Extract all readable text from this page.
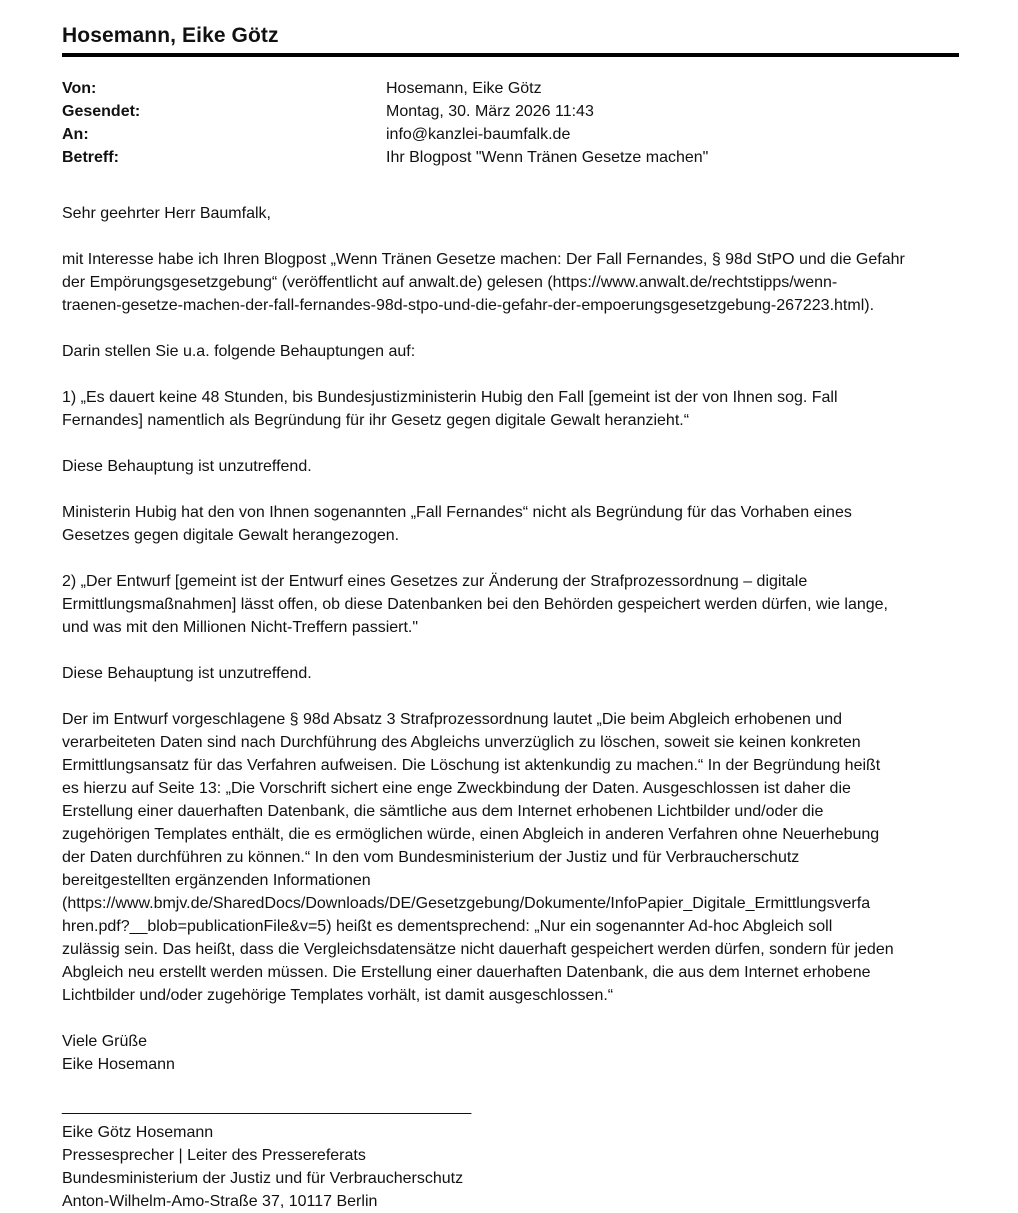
Hosemann, Eike Götz
Von:	Hosemann, Eike Götz
Gesendet:	Montag, 30. März 2026 11:43
An:	info@kanzlei-baumfalk.de
Betreff:	Ihr Blogpost "Wenn Tränen Gesetze machen"

Sehr geehrter Herr Baumfalk,

mit Interesse habe ich Ihren Blogpost „Wenn Tränen Gesetze machen: Der Fall Fernandes, § 98d StPO und die Gefahr
der Empörungsgesetzgebung“ (veröffentlicht auf anwalt.de) gelesen (https://www.anwalt.de/rechtstipps/wenn-
traenen-gesetze-machen-der-fall-fernandes-98d-stpo-und-die-gefahr-der-empoerungsgesetzgebung-267223.html).

Darin stellen Sie u.a. folgende Behauptungen auf:

1) „Es dauert keine 48 Stunden, bis Bundesjustizministerin Hubig den Fall [gemeint ist der von Ihnen sog. Fall
Fernandes] namentlich als Begründung für ihr Gesetz gegen digitale Gewalt heranzieht.“

Diese Behauptung ist unzutreffend.

Ministerin Hubig hat den von Ihnen sogenannten „Fall Fernandes“ nicht als Begründung für das Vorhaben eines
Gesetzes gegen digitale Gewalt herangezogen.

2) „Der Entwurf [gemeint ist der Entwurf eines Gesetzes zur Änderung der Strafprozessordnung – digitale
Ermittlungsmaßnahmen] lässt offen, ob diese Datenbanken bei den Behörden gespeichert werden dürfen, wie lange,
und was mit den Millionen Nicht-Treffern passiert."

Diese Behauptung ist unzutreffend.

Der im Entwurf vorgeschlagene § 98d Absatz 3 Strafprozessordnung lautet „Die beim Abgleich erhobenen und
verarbeiteten Daten sind nach Durchführung des Abgleichs unverzüglich zu löschen, soweit sie keinen konkreten
Ermittlungsansatz für das Verfahren aufweisen. Die Löschung ist aktenkundig zu machen.“ In der Begründung heißt
es hierzu auf Seite 13: „Die Vorschrift sichert eine enge Zweckbindung der Daten. Ausgeschlossen ist daher die
Erstellung einer dauerhaften Datenbank, die sämtliche aus dem Internet erhobenen Lichtbilder und/oder die
zugehörigen Templates enthält, die es ermöglichen würde, einen Abgleich in anderen Verfahren ohne Neuerhebung
der Daten durchführen zu können.“ In den vom Bundesministerium der Justiz und für Verbraucherschutz
bereitgestellten ergänzenden Informationen
(https://www.bmjv.de/SharedDocs/Downloads/DE/Gesetzgebung/Dokumente/InfoPapier_Digitale_Ermittlungsverfa
hren.pdf?__blob=publicationFile&v=5) heißt es dementsprechend: „Nur ein sogenannter Ad-hoc Abgleich soll
zulässig sein. Das heißt, dass die Vergleichsdatensätze nicht dauerhaft gespeichert werden dürfen, sondern für jeden
Abgleich neu erstellt werden müssen. Die Erstellung einer dauerhaften Datenbank, die aus dem Internet erhobene
Lichtbilder und/oder zugehörige Templates vorhält, ist damit ausgeschlossen.“

Viele Grüße
Eike Hosemann

______________________________________________
Eike Götz Hosemann
Pressesprecher | Leiter des Pressereferats
Bundesministerium der Justiz und für Verbraucherschutz
Anton-Wilhelm-Amo-Straße 37, 10117 Berlin
